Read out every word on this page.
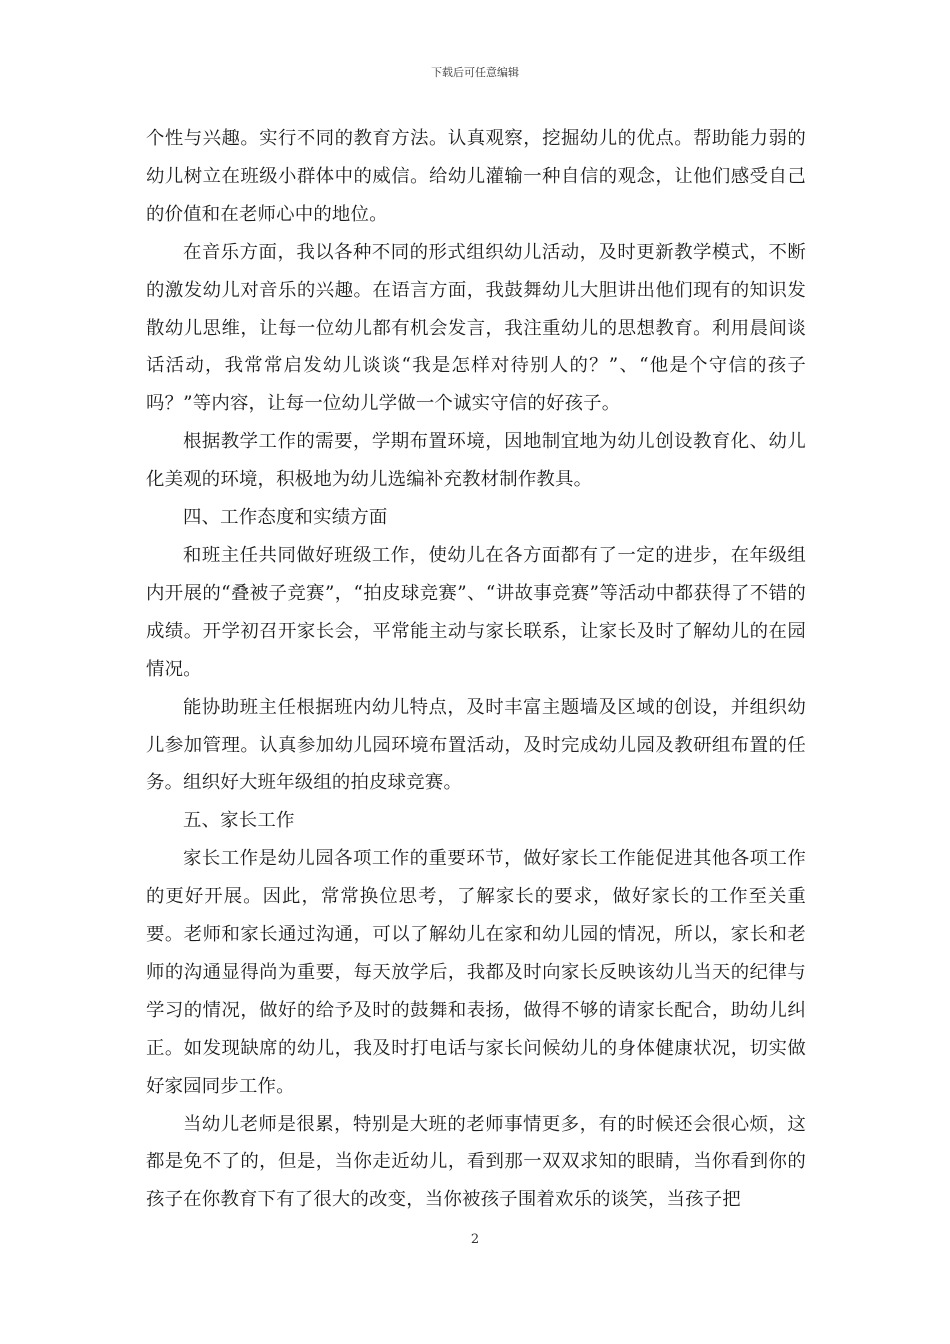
下载后可任意编辑

个性与兴趣。实行不同的教育方法。认真观察，挖掘幼儿的优点。帮助能力弱的幼儿树立在班级小群体中的威信。给幼儿灌输一种自信的观念，让他们感受自己的价值和在老师心中的地位。

在音乐方面，我以各种不同的形式组织幼儿活动，及时更新教学模式，不断的激发幼儿对音乐的兴趣。在语言方面，我鼓舞幼儿大胆讲出他们现有的知识发散幼儿思维，让每一位幼儿都有机会发言，我注重幼儿的思想教育。利用晨间谈话活动，我常常启发幼儿谈谈“我是怎样对待别人的？”、“他是个守信的孩子吗？”等内容，让每一位幼儿学做一个诚实守信的好孩子。

根据教学工作的需要，学期布置环境，因地制宜地为幼儿创设教育化、幼儿化美观的环境，积极地为幼儿选编补充教材制作教具。

四、工作态度和实绩方面

和班主任共同做好班级工作，使幼儿在各方面都有了一定的进步，在年级组内开展的“叠被子竞赛”，“拍皮球竞赛”、“讲故事竞赛”等活动中都获得了不错的成绩。开学初召开家长会，平常能主动与家长联系，让家长及时了解幼儿的在园情况。

能协助班主任根据班内幼儿特点，及时丰富主题墙及区域的创设，并组织幼儿参加管理。认真参加幼儿园环境布置活动，及时完成幼儿园及教研组布置的任务。组织好大班年级组的拍皮球竞赛。

五、家长工作

家长工作是幼儿园各项工作的重要环节，做好家长工作能促进其他各项工作的更好开展。因此，常常换位思考，了解家长的要求，做好家长的工作至关重要。老师和家长通过沟通，可以了解幼儿在家和幼儿园的情况，所以，家长和老师的沟通显得尚为重要，每天放学后，我都及时向家长反映该幼儿当天的纪律与学习的情况，做好的给予及时的鼓舞和表扬，做得不够的请家长配合，助幼儿纠正。如发现缺席的幼儿，我及时打电话与家长问候幼儿的身体健康状况，切实做好家园同步工作。

当幼儿老师是很累，特别是大班的老师事情更多，有的时候还会很心烦，这都是免不了的，但是，当你走近幼儿，看到那一双双求知的眼睛，当你看到你的孩子在你教育下有了很大的改变，当你被孩子围着欢乐的谈笑，当孩子把

2
